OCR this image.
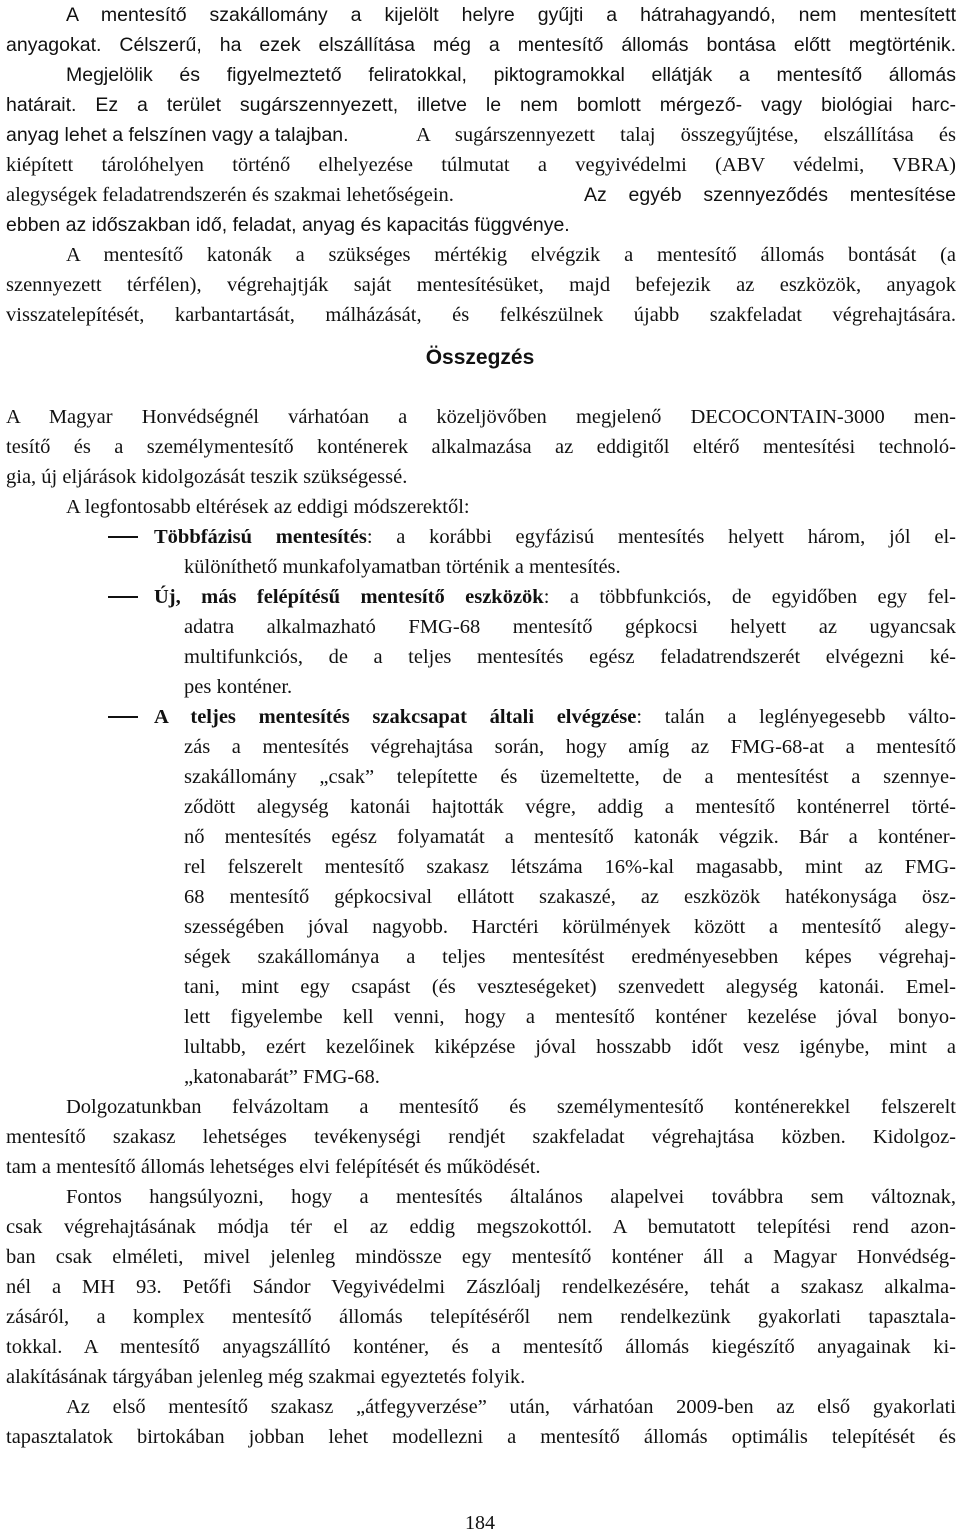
A mentesítő szakállomány a kijelölt helyre gyűjti a hátrahagyandó, nem mentesített
anyagokat. Célszerű, ha ezek elszállítása még a mentesítő állomás bontása előtt megtörténik.
Megjelölik és figyelmeztető feliratokkal, piktogramokkal ellátják a mentesítő állomás
határait. Ez a terület sugárszennyezett, illetve le nem bomlott mérgező- vagy biológiai harc-
anyag lehet a felszínen vagy a talajban.	A sugárszennyezett talaj összegyűjtése, elszállítása és
kiépített tárolóhelyen történő elhelyezése túlmutat a vegyivédelmi (ABV védelmi, VBRA)
alegységek feladatrendszerén és szakmai lehetőségein.	Az egyéb szennyeződés mentesítése
ebben az időszakban idő, feladat, anyag és kapacitás függvénye.
A mentesítő katonák a szükséges mértékig elvégzik a mentesítő állomás bontását (a
szennyezett térfélen), végrehajtják saját mentesítésüket, majd befejezik az eszközök, anyagok
visszatelepítését, karbantartását, málházását, és felkészülnek újabb szakfeladat végrehajtására.
Összegzés
A Magyar Honvédségnél várhatóan a közeljövőben megjelenő DECOCONTAIN-3000 men-
tesítő és a személymentesítő konténerek alkalmazása az eddigitől eltérő mentesítési technoló-
gia, új eljárások kidolgozását teszik szükségessé.
A legfontosabb eltérések az eddigi módszerektől:
Többfázisú mentesítés: a korábbi egyfázisú mentesítés helyett három, jól el-
különíthető munkafolyamatban történik a mentesítés.
Új, más felépítésű mentesítő eszközök: a többfunkciós, de egyidőben egy fel-
adatra alkalmazható FMG-68 mentesítő gépkocsi helyett az ugyancsak
multifunkciós, de a teljes mentesítés egész feladatrendszerét elvégezni ké-
pes konténer.
A teljes mentesítés szakcsapat általi elvégzése: talán a leglényegesebb válto-
zás a mentesítés végrehajtása során, hogy amíg az FMG-68-at a mentesítő
szakállomány „csak” telepítette és üzemeltette, de a mentesítést a szennye-
ződött alegység katonái hajtották végre, addig a mentesítő konténerrel törté-
nő mentesítés egész folyamatát a mentesítő katonák végzik. Bár a konténer-
rel felszerelt mentesítő szakasz létszáma 16%-kal magasabb, mint az FMG-
68 mentesítő gépkocsival ellátott szakaszé, az eszközök hatékonysága ösz-
szességében jóval nagyobb. Harctéri körülmények között a mentesítő alegy-
ségek szakállománya a teljes mentesítést eredményesebben képes végrehaj-
tani, mint egy csapást (és veszteségeket) szenvedett alegység katonái. Emel-
lett figyelembe kell venni, hogy a mentesítő konténer kezelése jóval bonyo-
lultabb, ezért kezelőinek kiképzése jóval hosszabb időt vesz igénybe, mint a
„katonabarát” FMG-68.
Dolgozatunkban felvázoltam a mentesítő és személymentesítő konténerekkel felszerelt
mentesítő szakasz lehetséges tevékenységi rendjét szakfeladat végrehajtása közben. Kidolgoz-
tam a mentesítő állomás lehetséges elvi felépítését és működését.
Fontos hangsúlyozni, hogy a mentesítés általános alapelvei továbbra sem változnak,
csak végrehajtásának módja tér el az eddig megszokottól. A bemutatott telepítési rend azon-
ban csak elméleti, mivel jelenleg mindössze egy mentesítő konténer áll a Magyar Honvédség-
nél a MH 93. Petőfi Sándor Vegyivédelmi Zászlóalj rendelkezésére, tehát a szakasz alkalma-
zásáról, a komplex mentesítő állomás telepítéséről nem rendelkezünk gyakorlati tapasztala-
tokkal. A mentesítő anyagszállító konténer, és a mentesítő állomás kiegészítő anyagainak ki-
alakításának tárgyában jelenleg még szakmai egyeztetés folyik.
Az első mentesítő szakasz „átfegyverzése” után, várhatóan 2009-ben az első gyakorlati
tapasztalatok birtokában jobban lehet modellezni a mentesítő állomás optimális telepítését és
184
